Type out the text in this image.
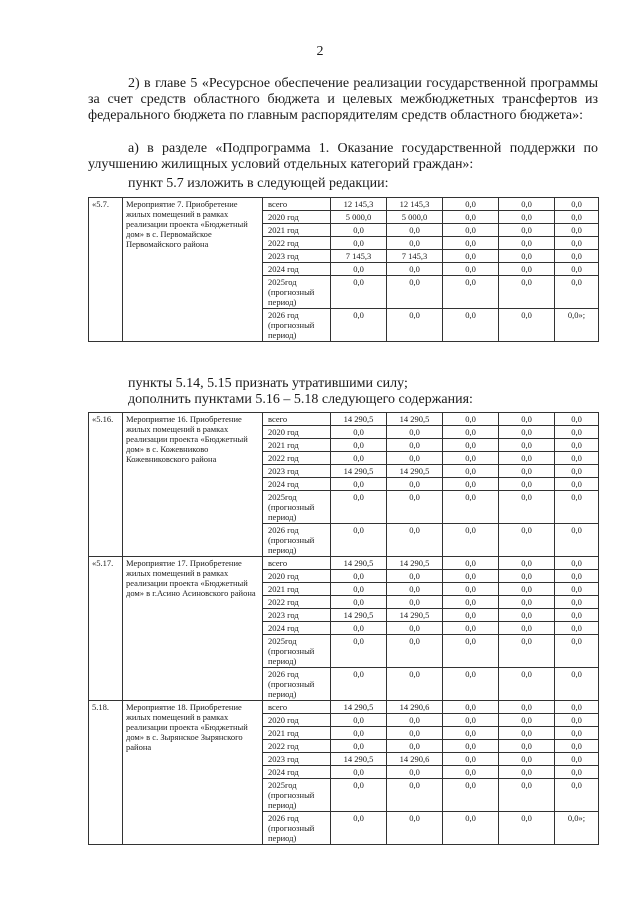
2
2) в главе 5 «Ресурсное обеспечение реализации государственной программы за счет средств областного бюджета и целевых межбюджетных трансфертов из федерального бюджета по главным распорядителям средств областного бюджета»:
а) в разделе «Подпрограмма 1. Оказание государственной поддержки по улучшению жилищных условий отдельных категорий граждан»:
пункт 5.7 изложить в следующей редакции:
«5.7.	Мероприятие 7. Приобретение жилых помещений в рамках реализации проекта «Бюджетный дом» в с. Первомайское Первомайского района	всего	12 145,3	12 145,3	0,0	0,0	0,0
		2020 год	5 000,0	5 000,0	0,0	0,0	0,0
		2021 год	0,0	0,0	0,0	0,0	0,0
		2022 год	0,0	0,0	0,0	0,0	0,0
		2023 год	7 145,3	7 145,3	0,0	0,0	0,0
		2024 год	0,0	0,0	0,0	0,0	0,0
		2025год (прогнозный период)	0,0	0,0	0,0	0,0	0,0
		2026 год (прогнозный период)	0,0	0,0	0,0	0,0	0,0»;
пункты 5.14, 5.15 признать утратившими силу;
дополнить пунктами 5.16 – 5.18 следующего содержания:
«5.16.	Мероприятие 16. Приобретение жилых помещений в рамках реализации проекта «Бюджетный дом» в с. Кожевниково Кожевниковского района	всего	14 290,5	14 290,5	0,0	0,0	0,0
		2020 год	0,0	0,0	0,0	0,0	0,0
		2021 год	0,0	0,0	0,0	0,0	0,0
		2022 год	0,0	0,0	0,0	0,0	0,0
		2023 год	14 290,5	14 290,5	0,0	0,0	0,0
		2024 год	0,0	0,0	0,0	0,0	0,0
		2025год (прогнозный период)	0,0	0,0	0,0	0,0	0,0
		2026 год (прогнозный период)	0,0	0,0	0,0	0,0	0,0
«5.17.	Мероприятие 17. Приобретение жилых помещений в рамках реализации проекта «Бюджетный дом» в г.Асино Асиновского района	всего	14 290,5	14 290,5	0,0	0,0	0,0
		2020 год	0,0	0,0	0,0	0,0	0,0
		2021 год	0,0	0,0	0,0	0,0	0,0
		2022 год	0,0	0,0	0,0	0,0	0,0
		2023 год	14 290,5	14 290,5	0,0	0,0	0,0
		2024 год	0,0	0,0	0,0	0,0	0,0
		2025год (прогнозный период)	0,0	0,0	0,0	0,0	0,0
		2026 год (прогнозный период)	0,0	0,0	0,0	0,0	0,0
5.18.	Мероприятие 18. Приобретение жилых помещений в рамках реализации проекта «Бюджетный дом» в с. Зырянское Зырянского района	всего	14 290,5	14 290,6	0,0	0,0	0,0
		2020 год	0,0	0,0	0,0	0,0	0,0
		2021 год	0,0	0,0	0,0	0,0	0,0
		2022 год	0,0	0,0	0,0	0,0	0,0
		2023 год	14 290,5	14 290,6	0,0	0,0	0,0
		2024 год	0,0	0,0	0,0	0,0	0,0
		2025год (прогнозный период)	0,0	0,0	0,0	0,0	0,0
		2026 год (прогнозный период)	0,0	0,0	0,0	0,0	0,0»;
